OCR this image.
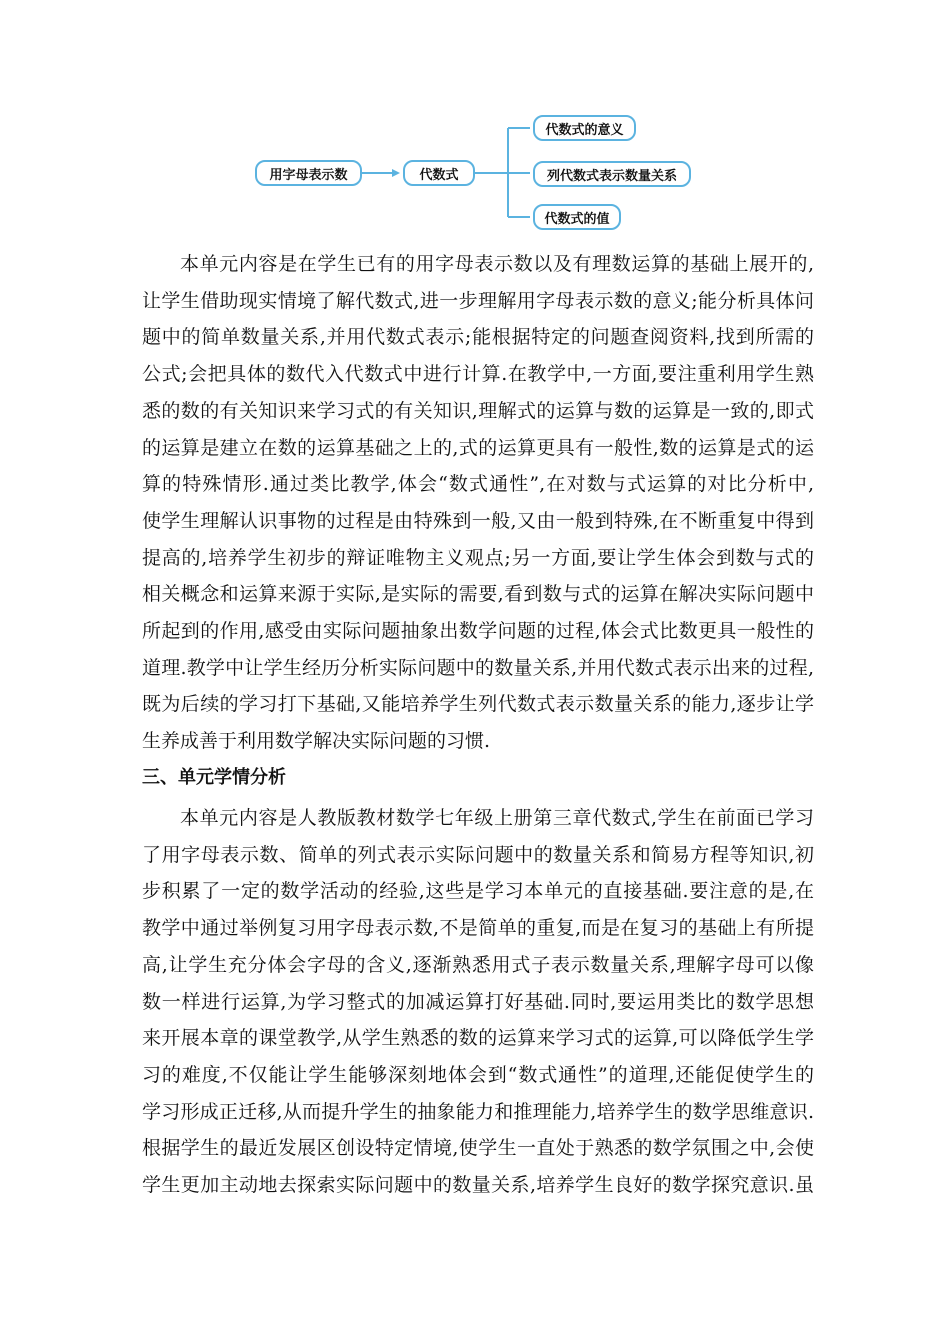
用字母表示数	代数式
代数式的意义
列代数式表示数量关系
代数式的值
本单元内容是在学生已有的用字母表示数以及有理数运算的基础上展开的,
让学生借助现实情境了解代数式,进一步理解用字母表示数的意义;能分析具体问
题中的简单数量关系,并用代数式表示;能根据特定的问题查阅资料,找到所需的
公式;会把具体的数代入代数式中进行计算.在教学中,一方面,要注重利用学生熟
悉的数的有关知识来学习式的有关知识,理解式的运算与数的运算是一致的,即式
的运算是建立在数的运算基础之上的,式的运算更具有一般性,数的运算是式的运
算的特殊情形.通过类比教学,体会“数式通性”,在对数与式运算的对比分析中,
使学生理解认识事物的过程是由特殊到一般,又由一般到特殊,在不断重复中得到
提高的,培养学生初步的辩证唯物主义观点;另一方面,要让学生体会到数与式的
相关概念和运算来源于实际,是实际的需要,看到数与式的运算在解决实际问题中
所起到的作用,感受由实际问题抽象出数学问题的过程,体会式比数更具一般性的
道理.教学中让学生经历分析实际问题中的数量关系,并用代数式表示出来的过程,
既为后续的学习打下基础,又能培养学生列代数式表示数量关系的能力,逐步让学
生养成善于利用数学解决实际问题的习惯.
三、单元学情分析
本单元内容是人教版教材数学七年级上册第三章代数式,学生在前面已学习
了用字母表示数、简单的列式表示实际问题中的数量关系和简易方程等知识,初
步积累了一定的数学活动的经验,这些是学习本单元的直接基础.要注意的是,在
教学中通过举例复习用字母表示数,不是简单的重复,而是在复习的基础上有所提
高,让学生充分体会字母的含义,逐渐熟悉用式子表示数量关系,理解字母可以像
数一样进行运算,为学习整式的加减运算打好基础.同时,要运用类比的数学思想
来开展本章的课堂教学,从学生熟悉的数的运算来学习式的运算,可以降低学生学
习的难度,不仅能让学生能够深刻地体会到“数式通性”的道理,还能促使学生的
学习形成正迁移,从而提升学生的抽象能力和推理能力,培养学生的数学思维意识.
根据学生的最近发展区创设特定情境,使学生一直处于熟悉的数学氛围之中,会使
学生更加主动地去探索实际问题中的数量关系,培养学生良好的数学探究意识.虽
